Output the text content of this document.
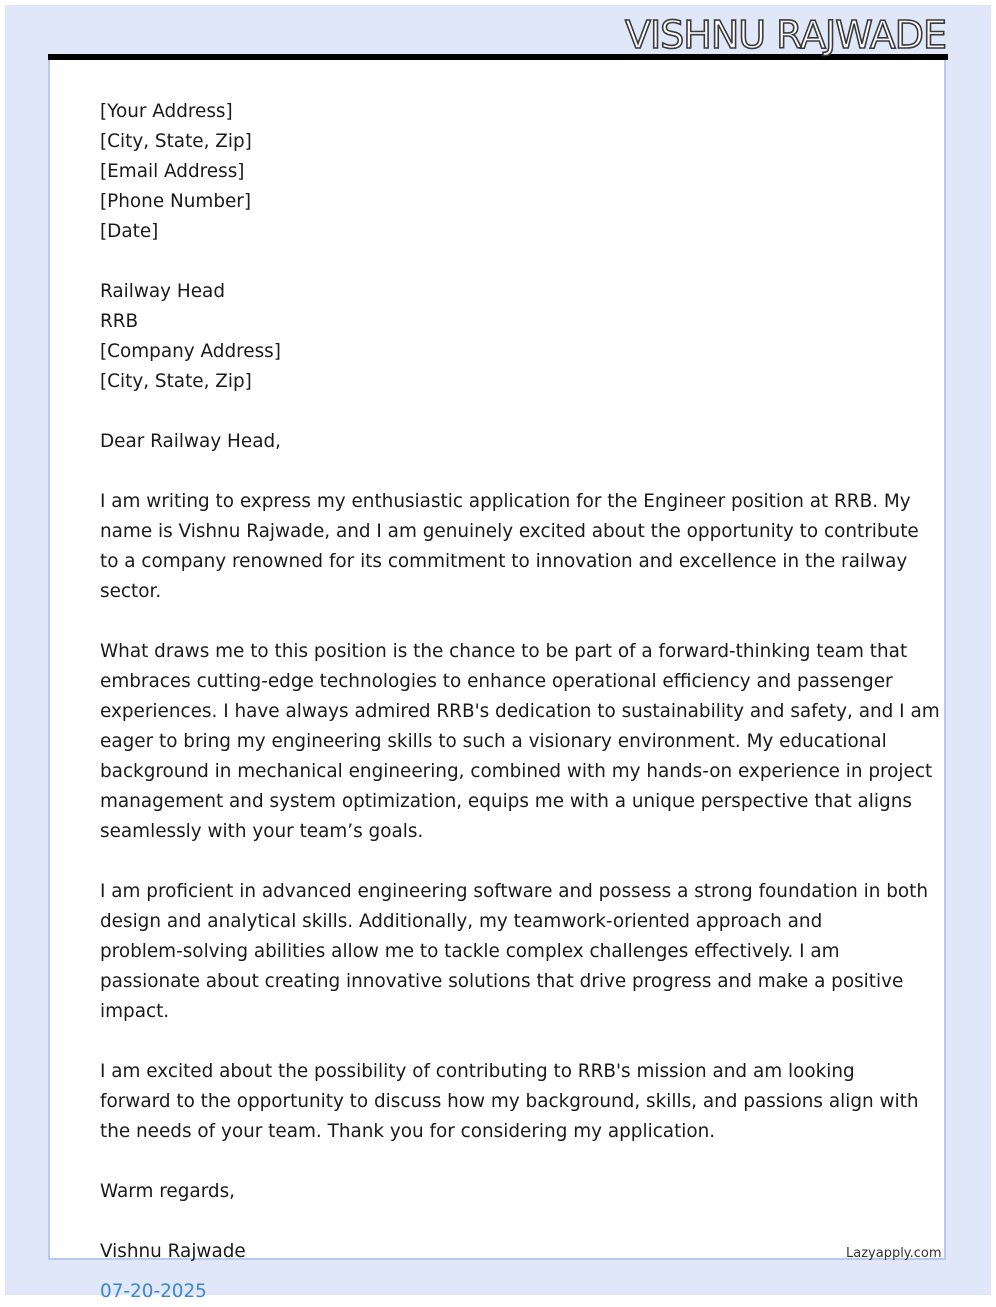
VISHNU RAJWADE
[Your Address]
[City, State, Zip]
[Email Address]
[Phone Number]
[Date]
Railway Head
RRB
[Company Address]
[City, State, Zip]
Dear Railway Head,
I am writing to express my enthusiastic application for the Engineer position at RRB. My
name is Vishnu Rajwade, and I am genuinely excited about the opportunity to contribute
to a company renowned for its commitment to innovation and excellence in the railway
sector.
What draws me to this position is the chance to be part of a forward-thinking team that
embraces cutting-edge technologies to enhance operational efficiency and passenger
experiences. I have always admired RRB's dedication to sustainability and safety, and I am
eager to bring my engineering skills to such a visionary environment. My educational
background in mechanical engineering, combined with my hands-on experience in project
management and system optimization, equips me with a unique perspective that aligns
seamlessly with your team’s goals.
I am proficient in advanced engineering software and possess a strong foundation in both
design and analytical skills. Additionally, my teamwork-oriented approach and
problem-solving abilities allow me to tackle complex challenges effectively. I am
passionate about creating innovative solutions that drive progress and make a positive
impact.
I am excited about the possibility of contributing to RRB's mission and am looking
forward to the opportunity to discuss how my background, skills, and passions align with
the needs of your team. Thank you for considering my application.
Warm regards,
Vishnu Rajwade
07-20-2025
Lazyapply.com
